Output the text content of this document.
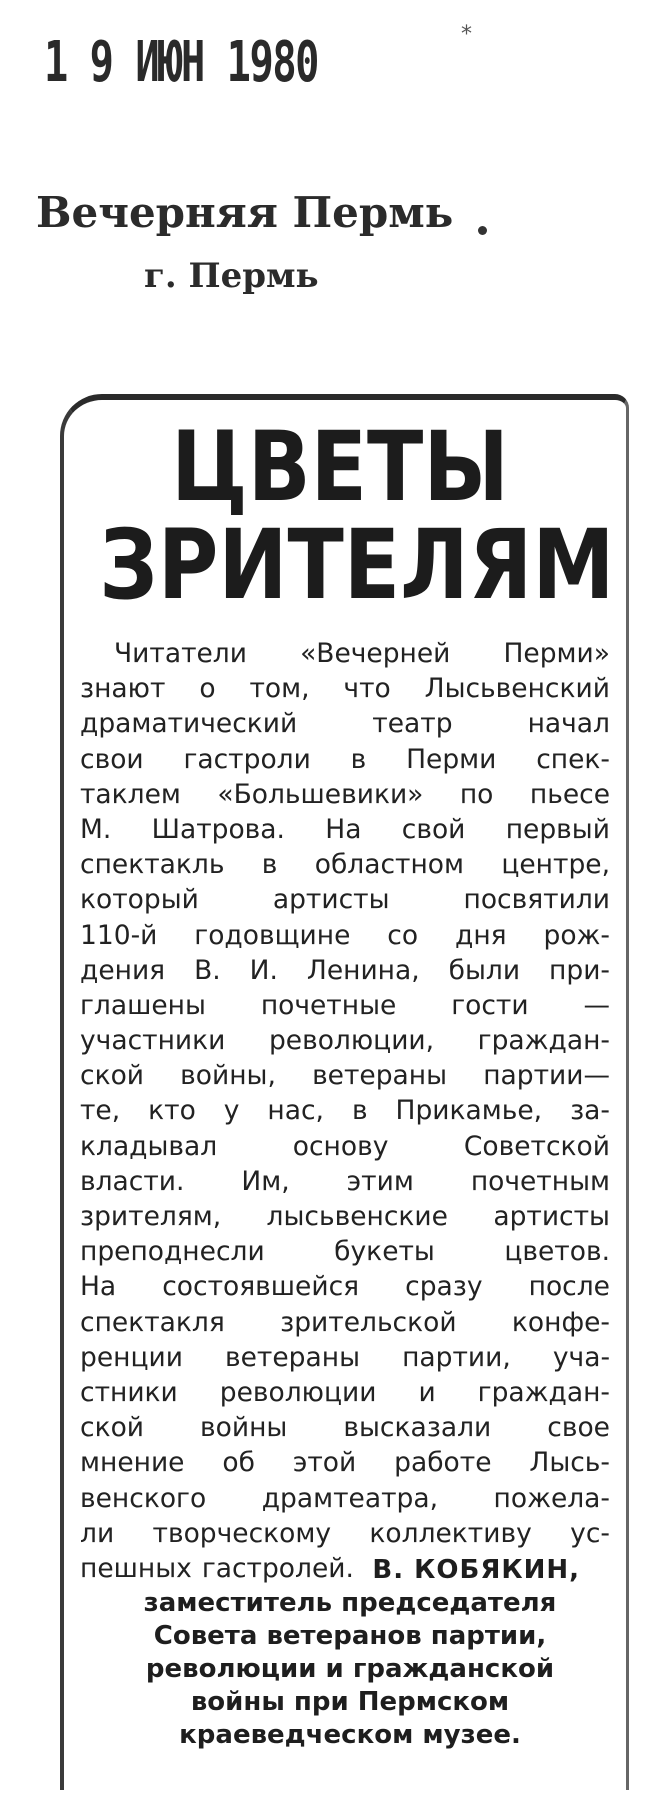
1 9 ИЮН 1980	*
Вечерняя Пермь
г. Пермь
ЦВЕТЫ
ЗРИТЕЛЯМ
Читатели «Вечерней Перми»
знают о том, что Лысьвенский
драматический	театр	начал
свои гастроли в Перми спек-
таклем «Большевики» по пьесе
М. Шатрова. На свой первый
спектакль в областном центре,
который	артисты	посвятили
110-й годовщине со дня рож-
дения В. И. Ленина, были при-
глашены почетные гости —
участники революции, граждан-
ской войны, ветераны партии—
те, кто у нас, в Прикамье, за-
кладывал	основу	Советской
власти. Им, этим почетным
зрителям, лысьвенские артисты
преподнесли	букеты	цветов.
На состоявшейся сразу после
спектакля зрительской конфе-
ренции ветераны партии, уча-
стники революции и граждан-
ской войны высказали свое
мнение об этой работе Лысь-
венского драмтеатра, пожела-
ли творческому коллективу ус-
пешных гастролей. В. КОБЯКИН,
заместитель председателя
Совета ветеранов партии,
революции и гражданской
войны при Пермском
краеведческом музее.
